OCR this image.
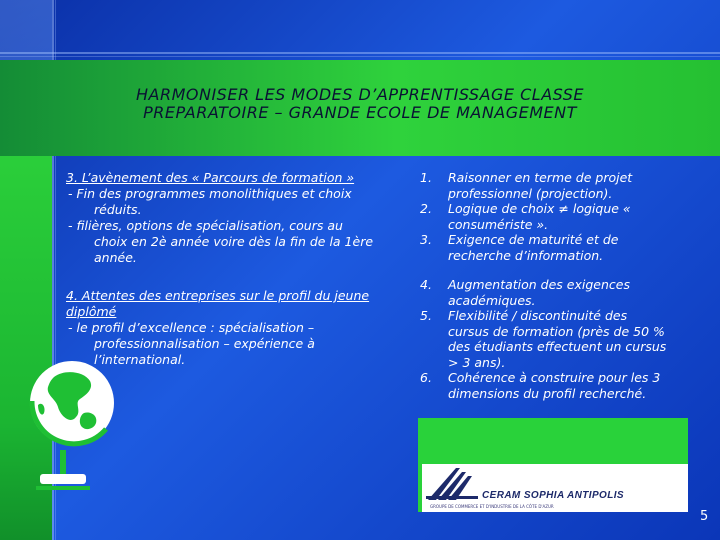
HARMONISER LES MODES D’APPRENTISSAGE CLASSE
PREPARATOIRE – GRANDE ECOLE DE MANAGEMENT

3. L’avènement des « Parcours de formation »

- Fin des programmes monolithiques et choix réduits.

- filières, options de spécialisation, cours au choix en 2è année voire dès la fin de la 1ère année.

4. Attentes des entreprises sur le profil du jeune diplômé

- le profil d’excellence : spécialisation – professionnalisation – expérience à l’international.

1.	Raisonner en terme de projet professionnel (projection).
2.	Logique de choix ≠ logique « consumériste ».
3.	Exigence de maturité et de recherche d’information.
4.	Augmentation des exigences académiques.
5.	Flexibilité / discontinuité des cursus de formation (près de 50 % des étudiants effectuent un cursus > 3 ans).
6.	Cohérence à construire pour les 3 dimensions du profil recherché.
CERAM SOPHIA ANTIPOLIS
GROUPE DE COMMERCE ET D'INDUSTRIE DE LA CÔTE D'AZUR
5
